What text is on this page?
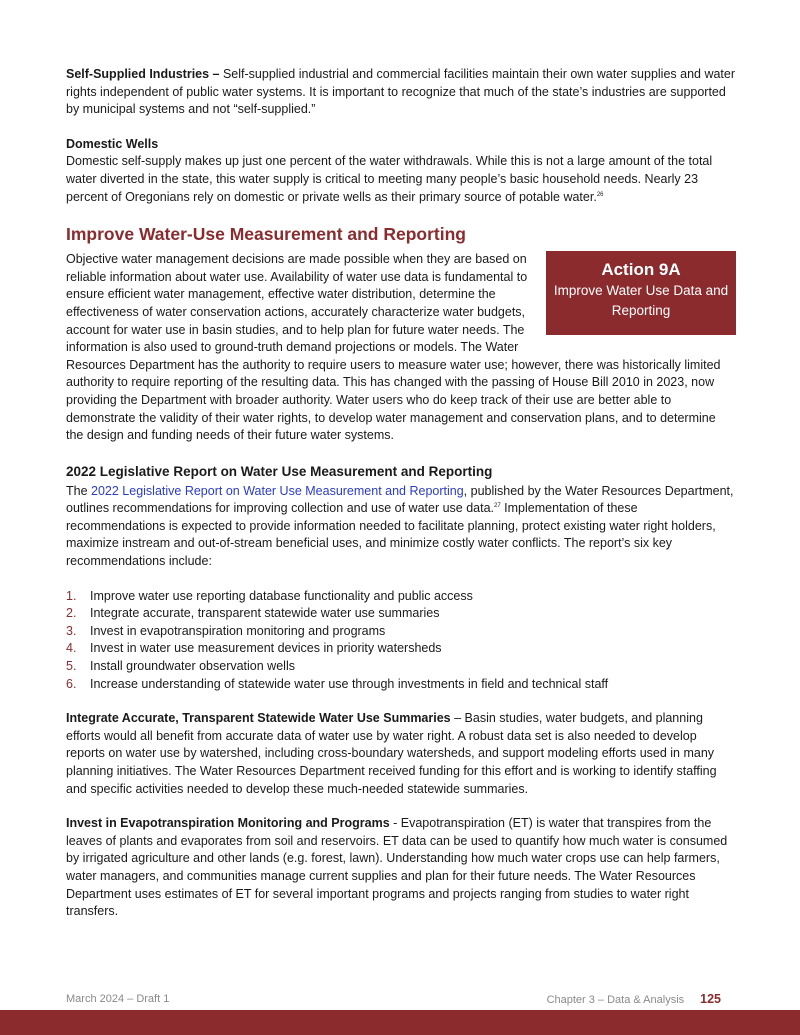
Self-Supplied Industries – Self-supplied industrial and commercial facilities maintain their own water supplies and water rights independent of public water systems. It is important to recognize that much of the state’s industries are supported by municipal systems and not “self-supplied.”

Domestic Wells

Domestic self-supply makes up just one percent of the water withdrawals. While this is not a large amount of the total water diverted in the state, this water supply is critical to meeting many people’s basic household needs. Nearly 23 percent of Oregonians rely on domestic or private wells as their primary source of potable water.$^{26}$

Improve Water-Use Measurement and Reporting
Action 9A
Improve Water Use Data and Reporting

Objective water management decisions are made possible when they are based on reliable information about water use. Availability of water use data is fundamental to ensure efficient water management, effective water distribution, determine the effectiveness of water conservation actions, accurately characterize water budgets, account for water use in basin studies, and to help plan for future water needs. The information is also used to ground-truth demand projections or models. The Water Resources Department has the authority to require users to measure water use; however, there was historically limited authority to require reporting of the resulting data. This has changed with the passing of House Bill 2010 in 2023, now providing the Department with broader authority. Water users who do keep track of their use are better able to demonstrate the validity of their water rights, to develop water management and conservation plans, and to determine the design and funding needs of their future water systems.

2022 Legislative Report on Water Use Measurement and Reporting

The 2022 Legislative Report on Water Use Measurement and Reporting, published by the Water Resources Department, outlines recommendations for improving collection and use of water use data.$^{27}$ Implementation of these recommendations is expected to provide information needed to facilitate planning, protect existing water right holders, maximize instream and out-of-stream beneficial uses, and minimize costly water conflicts. The report’s six key recommendations include:

1.	Improve water use reporting database functionality and public access
2.	Integrate accurate, transparent statewide water use summaries
3.	Invest in evapotranspiration monitoring and programs
4.	Invest in water use measurement devices in priority watersheds
5.	Install groundwater observation wells
6.	Increase understanding of statewide water use through investments in field and technical staff

Integrate Accurate, Transparent Statewide Water Use Summaries – Basin studies, water budgets, and planning efforts would all benefit from accurate data of water use by water right. A robust data set is also needed to develop reports on water use by watershed, including cross-boundary watersheds, and support modeling efforts used in many planning initiatives. The Water Resources Department received funding for this effort and is working to identify staffing and specific activities needed to develop these much-needed statewide summaries.

Invest in Evapotranspiration Monitoring and Programs - Evapotranspiration (ET) is water that transpires from the leaves of plants and evaporates from soil and reservoirs. ET data can be used to quantify how much water is consumed by irrigated agriculture and other lands (e.g. forest, lawn). Understanding how much water crops use can help farmers, water managers, and communities manage current supplies and plan for their future needs. The Water Resources Department uses estimates of ET for several important programs and projects ranging from studies to water right transfers.

March 2024 – Draft 1	Chapter 3 – Data & Analysis 125
